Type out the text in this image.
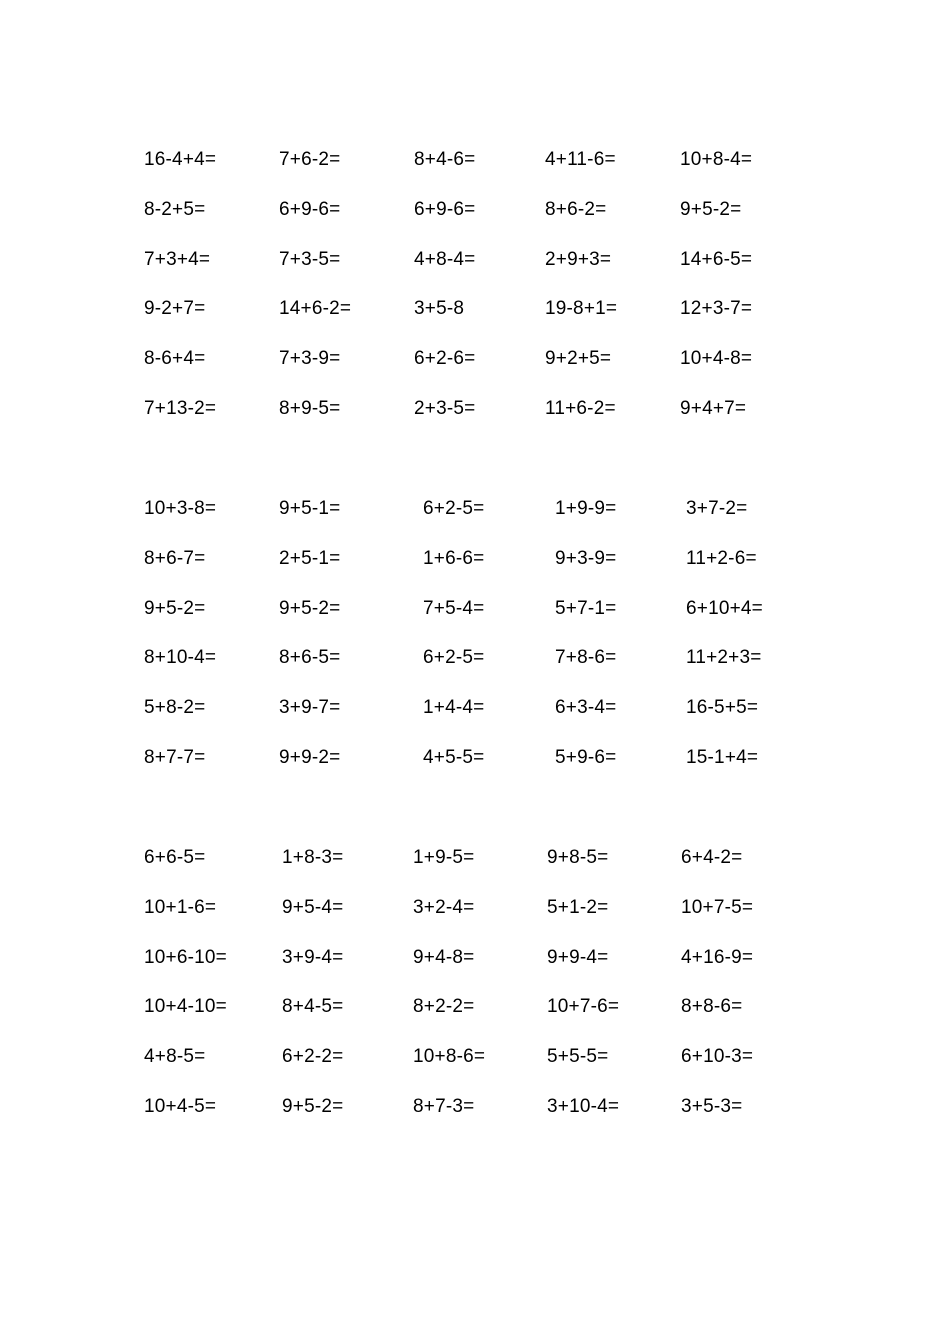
16-4+4=	7+6-2=	8+4-6=	4+11-6=	10+8-4=
8-2+5=	6+9-6=	6+9-6=	8+6-2=	9+5-2=
7+3+4=	7+3-5=	4+8-4=	2+9+3=	14+6-5=
9-2+7=	14+6-2=	3+5-8	19-8+1=	12+3-7=
8-6+4=	7+3-9=	6+2-6=	9+2+5=	10+4-8=
7+13-2=	8+9-5=	2+3-5=	11+6-2=	9+4+7=
10+3-8=	9+5-1=	6+2-5=	1+9-9=	3+7-2=
8+6-7=	2+5-1=	1+6-6=	9+3-9=	11+2-6=
9+5-2=	9+5-2=	7+5-4=	5+7-1=	6+10+4=
8+10-4=	8+6-5=	6+2-5=	7+8-6=	11+2+3=
5+8-2=	3+9-7=	1+4-4=	6+3-4=	16-5+5=
8+7-7=	9+9-2=	4+5-5=	5+9-6=	15-1+4=
6+6-5=	1+8-3=	1+9-5=	9+8-5=	6+4-2=
10+1-6=	9+5-4=	3+2-4=	5+1-2=	10+7-5=
10+6-10=	3+9-4=	9+4-8=	9+9-4=	4+16-9=
10+4-10=	8+4-5=	8+2-2=	10+7-6=	8+8-6=
4+8-5=	6+2-2=	10+8-6=	5+5-5=	6+10-3=
10+4-5=	9+5-2=	8+7-3=	3+10-4=	3+5-3=
